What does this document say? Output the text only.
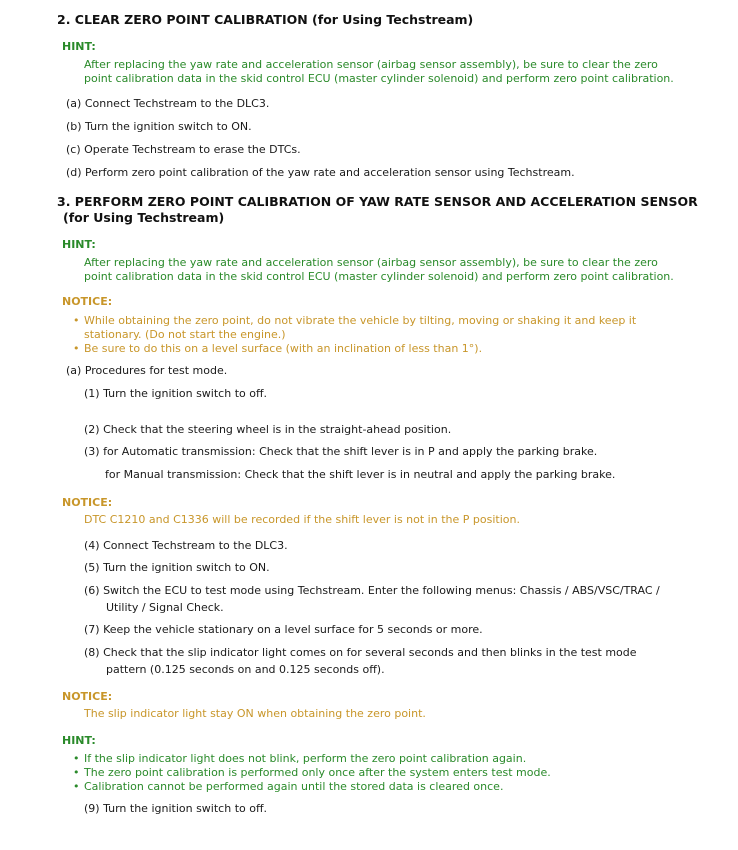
2. CLEAR ZERO POINT CALIBRATION (for Using Techstream)
HINT:
After replacing the yaw rate and acceleration sensor (airbag sensor assembly), be sure to clear the zero
point calibration data in the skid control ECU (master cylinder solenoid) and perform zero point calibration.
(a) Connect Techstream to the DLC3.
(b) Turn the ignition switch to ON.
(c) Operate Techstream to erase the DTCs.
(d) Perform zero point calibration of the yaw rate and acceleration sensor using Techstream.
3. PERFORM ZERO POINT CALIBRATION OF YAW RATE SENSOR AND ACCELERATION SENSOR
(for Using Techstream)
HINT:
After replacing the yaw rate and acceleration sensor (airbag sensor assembly), be sure to clear the zero
point calibration data in the skid control ECU (master cylinder solenoid) and perform zero point calibration.
NOTICE:
• While obtaining the zero point, do not vibrate the vehicle by tilting, moving or shaking it and keep it
stationary. (Do not start the engine.)
• Be sure to do this on a level surface (with an inclination of less than 1°).
(a) Procedures for test mode.
(1) Turn the ignition switch to off.
(2) Check that the steering wheel is in the straight-ahead position.
(3) for Automatic transmission: Check that the shift lever is in P and apply the parking brake.
for Manual transmission: Check that the shift lever is in neutral and apply the parking brake.
NOTICE:
DTC C1210 and C1336 will be recorded if the shift lever is not in the P position.
(4) Connect Techstream to the DLC3.
(5) Turn the ignition switch to ON.
(6) Switch the ECU to test mode using Techstream. Enter the following menus: Chassis / ABS/VSC/TRAC /
Utility / Signal Check.
(7) Keep the vehicle stationary on a level surface for 5 seconds or more.
(8) Check that the slip indicator light comes on for several seconds and then blinks in the test mode
pattern (0.125 seconds on and 0.125 seconds off).
NOTICE:
The slip indicator light stay ON when obtaining the zero point.
HINT:
• If the slip indicator light does not blink, perform the zero point calibration again.
• The zero point calibration is performed only once after the system enters test mode.
• Calibration cannot be performed again until the stored data is cleared once.
(9) Turn the ignition switch to off.
